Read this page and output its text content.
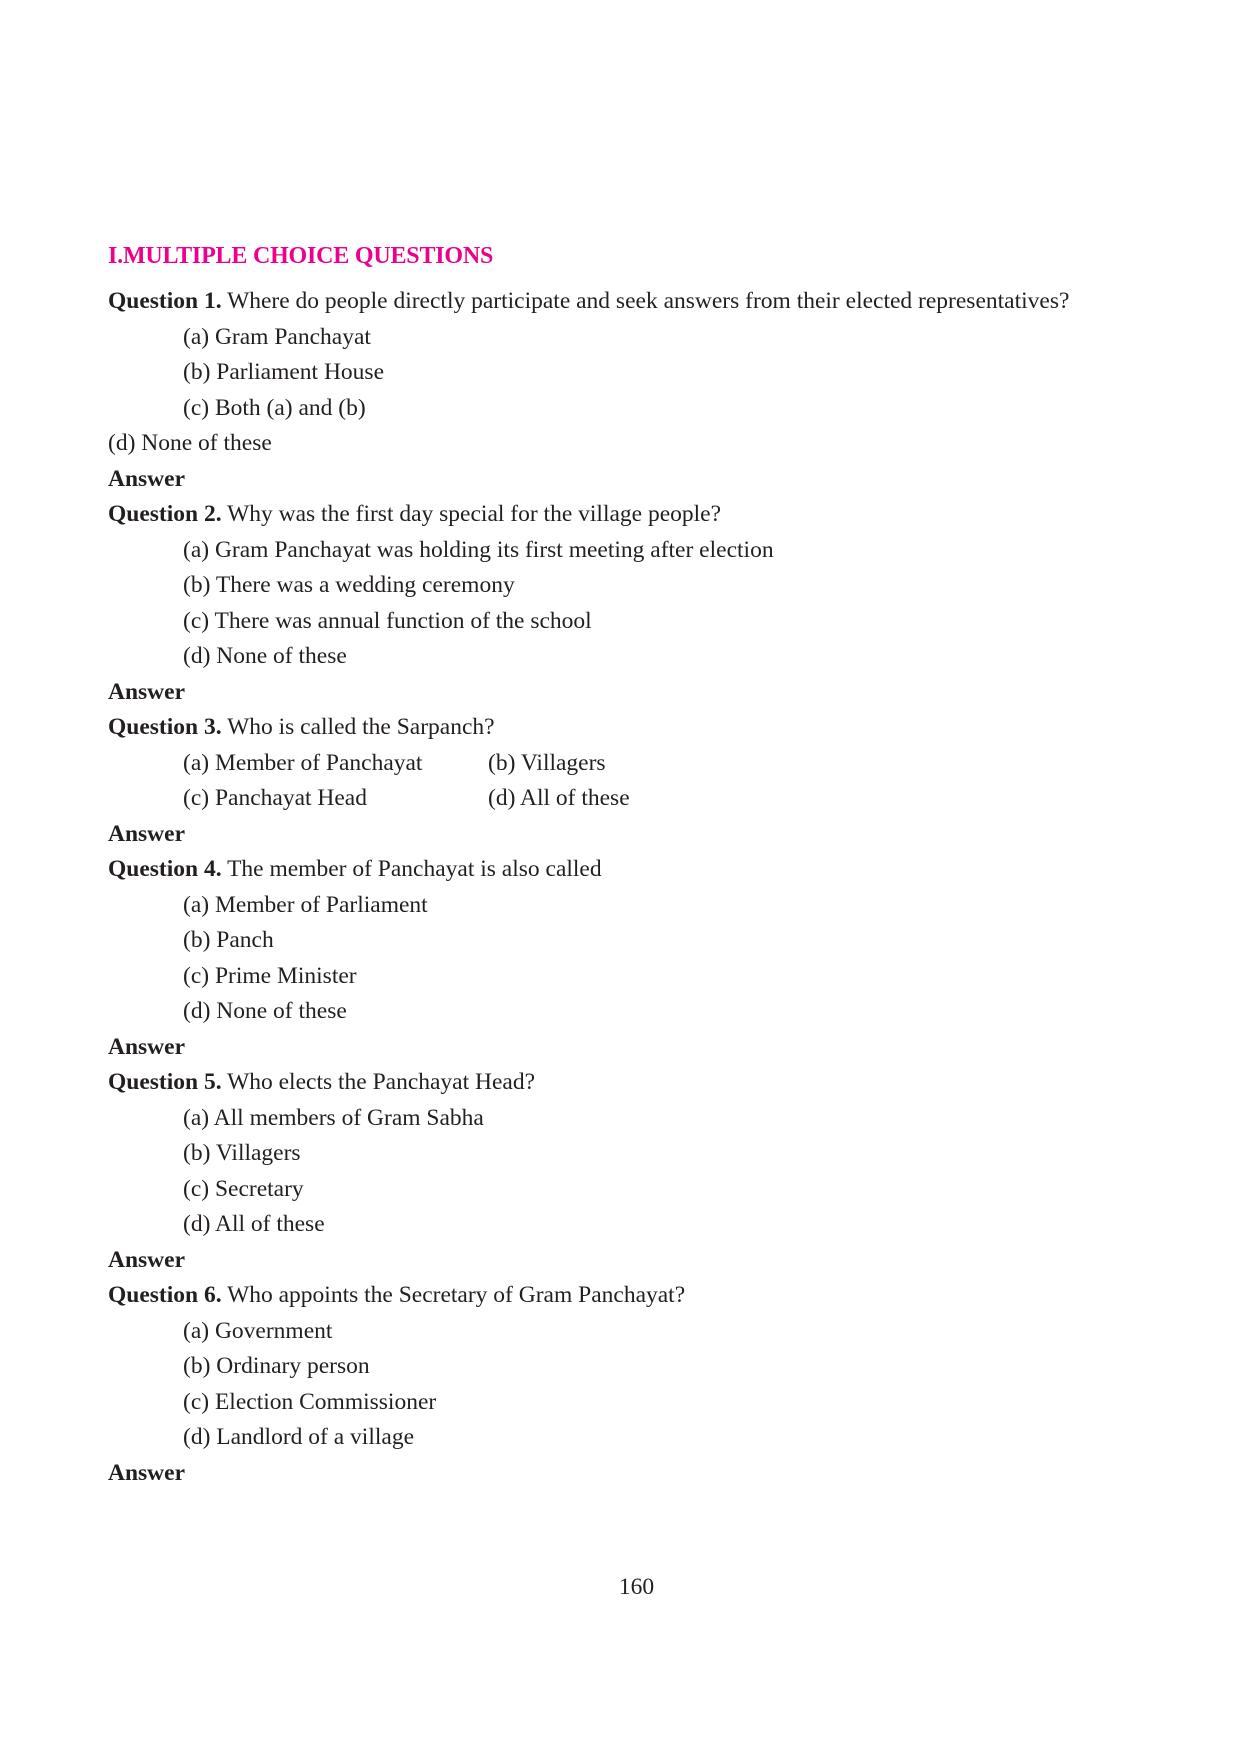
I.MULTIPLE CHOICE QUESTIONS
Question 1. Where do people directly participate and seek answers from their elected representatives?
(a) Gram Panchayat
(b) Parliament House
(c) Both (a) and (b)
(d) None of these
Answer
Question 2. Why was the first day special for the village people?
(a) Gram Panchayat was holding its first meeting after election
(b) There was a wedding ceremony
(c) There was annual function of the school
(d) None of these
Answer
Question 3. Who is called the Sarpanch?
(a) Member of Panchayat	(b) Villagers
(c) Panchayat Head	(d) All of these
Answer
Question 4. The member of Panchayat is also called
(a) Member of Parliament
(b) Panch
(c) Prime Minister
(d) None of these
Answer
Question 5. Who elects the Panchayat Head?
(a) All members of Gram Sabha
(b) Villagers
(c) Secretary
(d) All of these
Answer
Question 6. Who appoints the Secretary of Gram Panchayat?
(a) Government
(b) Ordinary person
(c) Election Commissioner
(d) Landlord of a village
Answer
160
